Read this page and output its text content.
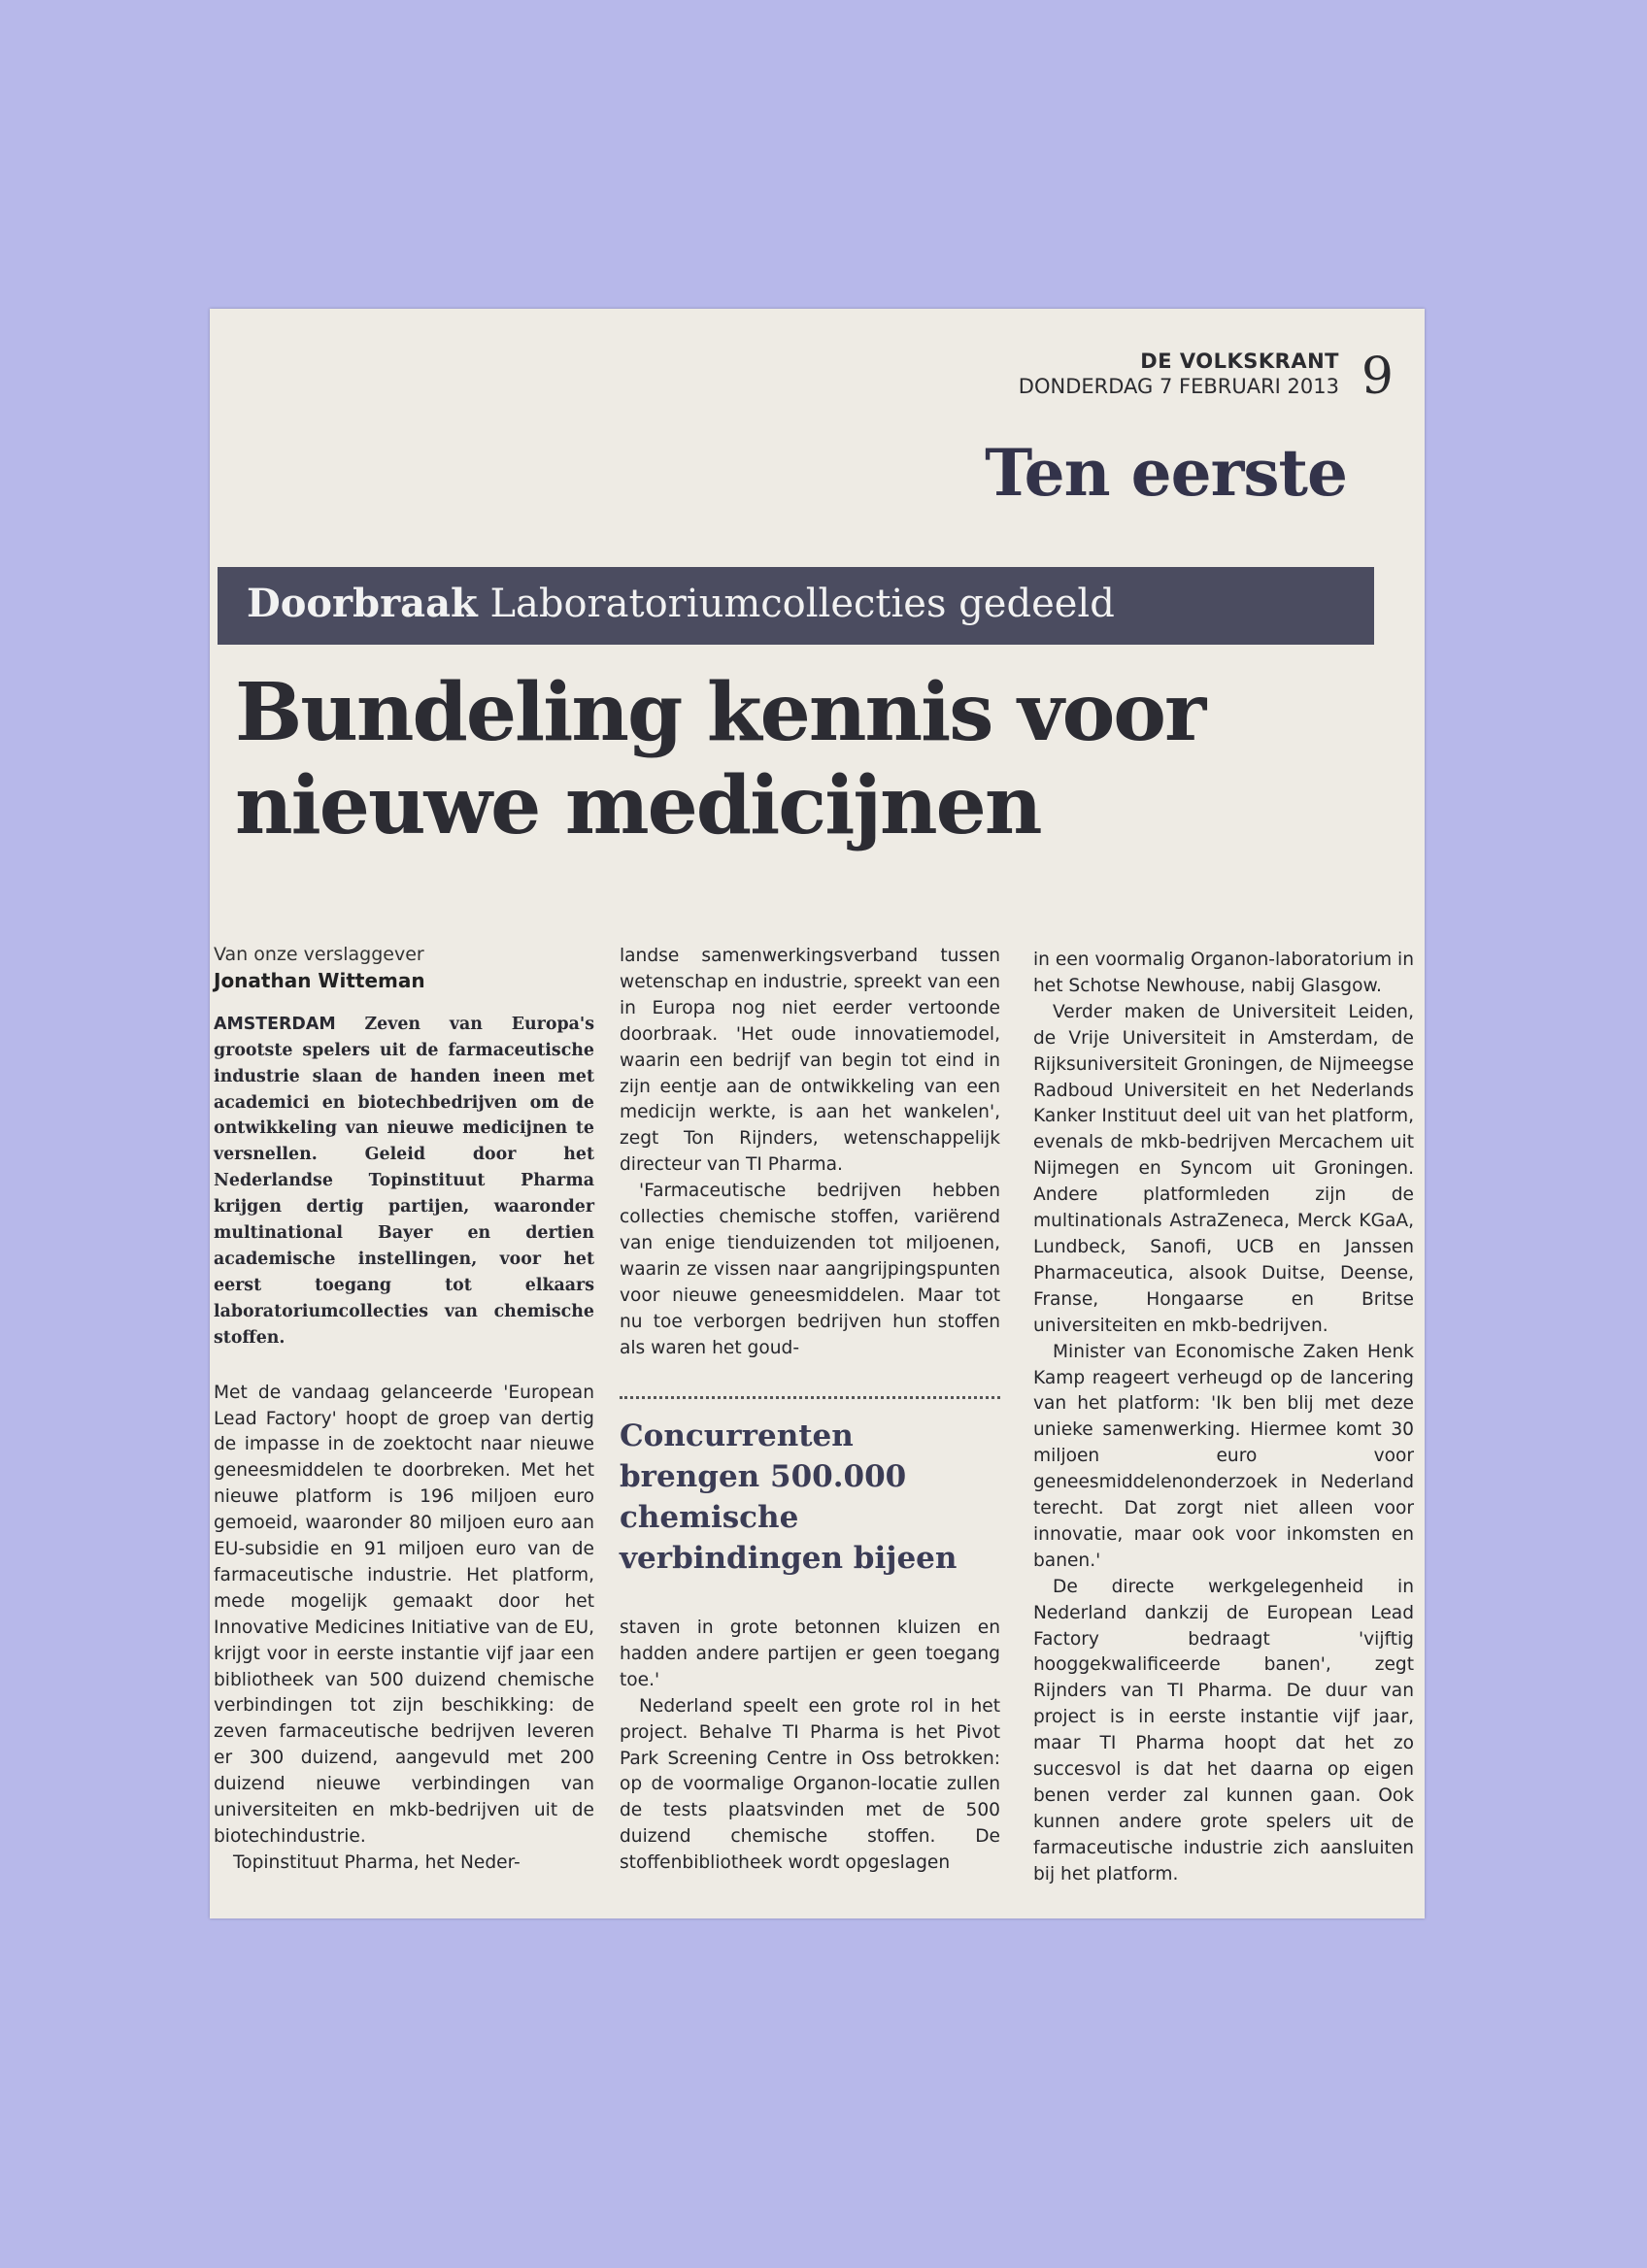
DE VOLKSKRANT
DONDERDAG 7 FEBRUARI 2013 9
Ten eerste
Doorbraak Laboratoriumcollecties gedeeld
Bundeling kennis voor nieuwe medicijnen
Van onze verslaggever
Jonathan Witteman

AMSTERDAM Zeven van Europa's grootste spelers uit de farmaceutische industrie slaan de handen ineen met academici en biotechbedrijven om de ontwikkeling van nieuwe medicijnen te versnellen. Geleid door het Nederlandse Topinstituut Pharma krijgen dertig partijen, waaronder multinational Bayer en dertien academische instellingen, voor het eerst toegang tot elkaars laboratoriumcollecties van chemische stoffen.

Met de vandaag gelanceerde 'European Lead Factory' hoopt de groep van dertig de impasse in de zoektocht naar nieuwe geneesmiddelen te doorbreken. Met het nieuwe platform is 196 miljoen euro gemoeid, waaronder 80 miljoen euro aan EU-subsidie en 91 miljoen euro van de farmaceutische industrie. Het platform, mede mogelijk gemaakt door het Innovative Medicines Initiative van de EU, krijgt voor in eerste instantie vijf jaar een bibliotheek van 500 duizend chemische verbindingen tot zijn beschikking: de zeven farmaceutische bedrijven leveren er 300 duizend, aangevuld met 200 duizend nieuwe verbindingen van universiteiten en mkb-bedrijven uit de biotechindustrie.

Topinstituut Pharma, het Neder-

landse samenwerkingsverband tussen wetenschap en industrie, spreekt van een in Europa nog niet eerder vertoonde doorbraak. 'Het oude innovatiemodel, waarin een bedrijf van begin tot eind in zijn eentje aan de ontwikkeling van een medicijn werkte, is aan het wankelen', zegt Ton Rijnders, wetenschappelijk directeur van TI Pharma.

'Farmaceutische bedrijven hebben collecties chemische stoffen, variërend van enige tienduizenden tot miljoenen, waarin ze vissen naar aangrijpingspunten voor nieuwe geneesmiddelen. Maar tot nu toe verborgen bedrijven hun stoffen als waren het goud-

Concurrenten brengen 500.000 chemische verbindingen bijeen

staven in grote betonnen kluizen en hadden andere partijen er geen toegang toe.'

Nederland speelt een grote rol in het project. Behalve TI Pharma is het Pivot Park Screening Centre in Oss betrokken: op de voormalige Organon-locatie zullen de tests plaatsvinden met de 500 duizend chemische stoffen. De stoffenbibliotheek wordt opgeslagen

in een voormalig Organon-laboratorium in het Schotse Newhouse, nabij Glasgow.

Verder maken de Universiteit Leiden, de Vrije Universiteit in Amsterdam, de Rijksuniversiteit Groningen, de Nijmeegse Radboud Universiteit en het Nederlands Kanker Instituut deel uit van het platform, evenals de mkb-bedrijven Mercachem uit Nijmegen en Syncom uit Groningen. Andere platformleden zijn de multinationals AstraZeneca, Merck KGaA, Lundbeck, Sanofi, UCB en Janssen Pharmaceutica, alsook Duitse, Deense, Franse, Hongaarse en Britse universiteiten en mkb-bedrijven.

Minister van Economische Zaken Henk Kamp reageert verheugd op de lancering van het platform: 'Ik ben blij met deze unieke samenwerking. Hiermee komt 30 miljoen euro voor geneesmiddelenonderzoek in Nederland terecht. Dat zorgt niet alleen voor innovatie, maar ook voor inkomsten en banen.'

De directe werkgelegenheid in Nederland dankzij de European Lead Factory bedraagt 'vijftig hooggekwalificeerde banen', zegt Rijnders van TI Pharma. De duur van project is in eerste instantie vijf jaar, maar TI Pharma hoopt dat het zo succesvol is dat het daarna op eigen benen verder zal kunnen gaan. Ook kunnen andere grote spelers uit de farmaceutische industrie zich aansluiten bij het platform.
